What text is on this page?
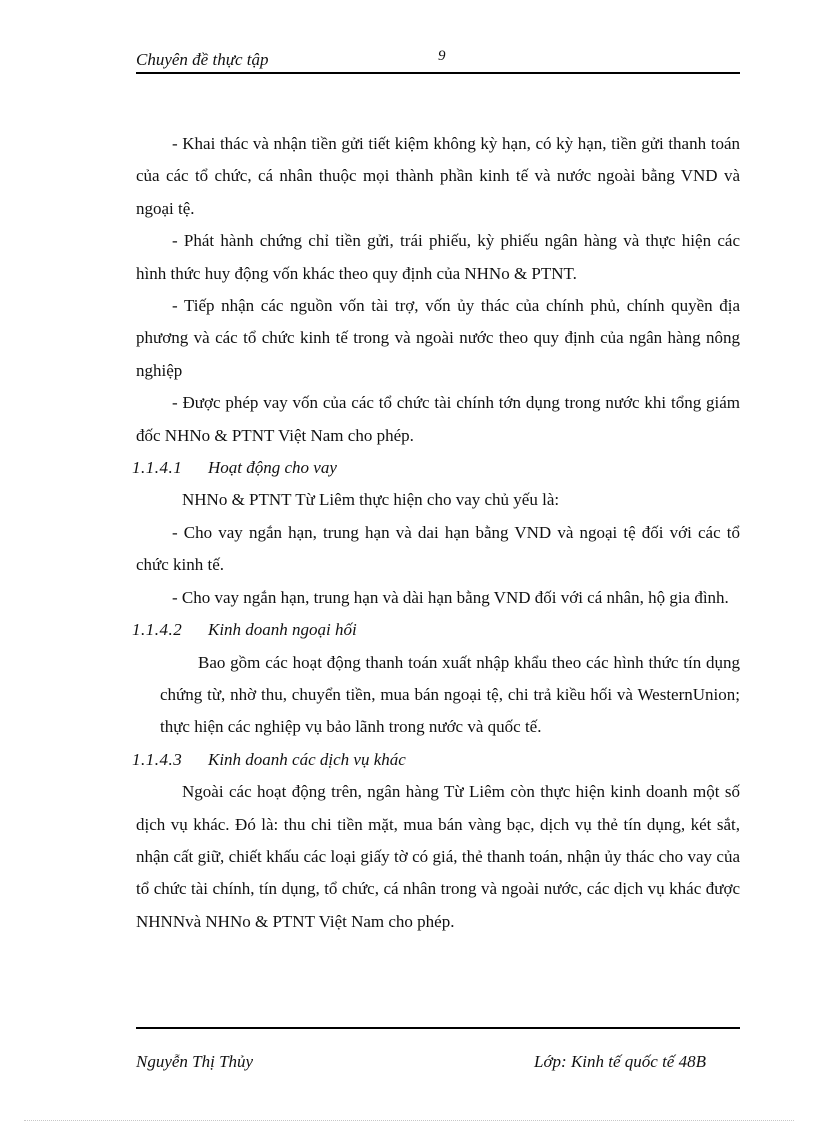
Chuyên đề thực tập	9

- Khai thác và nhận tiền gửi tiết kiệm không kỳ hạn, có kỳ hạn, tiền gửi thanh toán của các tổ chức, cá nhân thuộc mọi thành phần kinh tế và nước ngoài bằng VND và ngoại tệ.

- Phát hành chứng chỉ tiền gửi, trái phiếu, kỳ phiếu ngân hàng và thực hiện các hình thức huy động vốn khác theo quy định của NHNo & PTNT.

- Tiếp nhận các nguồn vốn tài trợ, vốn ủy thác của chính phủ, chính quyền địa phương và các tổ chức kinh tế trong và ngoài nước theo quy định của ngân hàng nông nghiệp

- Được phép vay vốn của các tổ chức tài chính tớn dụng trong nước khi tổng giám đốc NHNo & PTNT Việt Nam cho phép.

1.1.4.1 Hoạt động cho vay

NHNo & PTNT Từ Liêm thực hiện cho vay chủ yếu là:

- Cho vay ngắn hạn, trung hạn và dai hạn bằng VND và ngoại tệ đối với các tổ chức kinh tế.

- Cho vay ngắn hạn, trung hạn và dài hạn bằng VND đối với cá nhân, hộ gia đình.

1.1.4.2 Kinh doanh ngoại hối

Bao gồm các hoạt động thanh toán xuất nhập khẩu theo các hình thức tín dụng chứng từ, nhờ thu, chuyển tiền, mua bán ngoại tệ, chi trả kiều hối và WesternUnion; thực hiện các nghiệp vụ bảo lãnh trong nước và quốc tế.

1.1.4.3 Kinh doanh các dịch vụ khác

Ngoài các hoạt động trên, ngân hàng Từ Liêm còn thực hiện kinh doanh một số dịch vụ khác. Đó là: thu chi tiền mặt, mua bán vàng bạc, dịch vụ thẻ tín dụng, két sắt, nhận cất giữ, chiết khấu các loại giấy tờ có giá, thẻ thanh toán, nhận ủy thác cho vay của tổ chức tài chính, tín dụng, tổ chức, cá nhân trong và ngoài nước, các dịch vụ khác được NHNNvà NHNo & PTNT Việt Nam cho phép.

Nguyễn Thị Thủy	Lớp: Kinh tế quốc tế 48B
